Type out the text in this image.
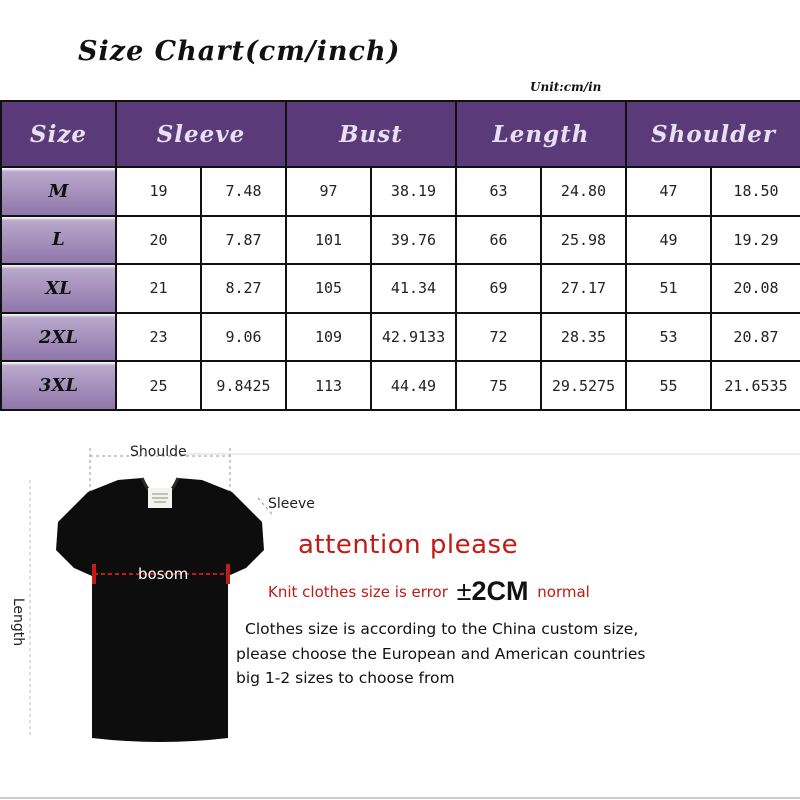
Size Chart(cm/inch)
Unit:cm/in
Size	Sleeve		Bust		Length		Shoulder	
M	19	7.48	97	38.19	63	24.80	47	18.50
L	20	7.87	101	39.76	66	25.98	49	19.29
XL	21	8.27	105	41.34	69	27.17	51	20.08
2XL	23	9.06	109	42.9133	72	28.35	53	20.87
3XL	25	9.8425	113	44.49	75	29.5275	55	21.6535
Shoulde
Sleeve
bosom
Length
attention please
Knit clothes size is error ±2CM normal
Clothes size is according to the China custom size,
please choose the European and American countries
big 1-2 sizes to choose from
